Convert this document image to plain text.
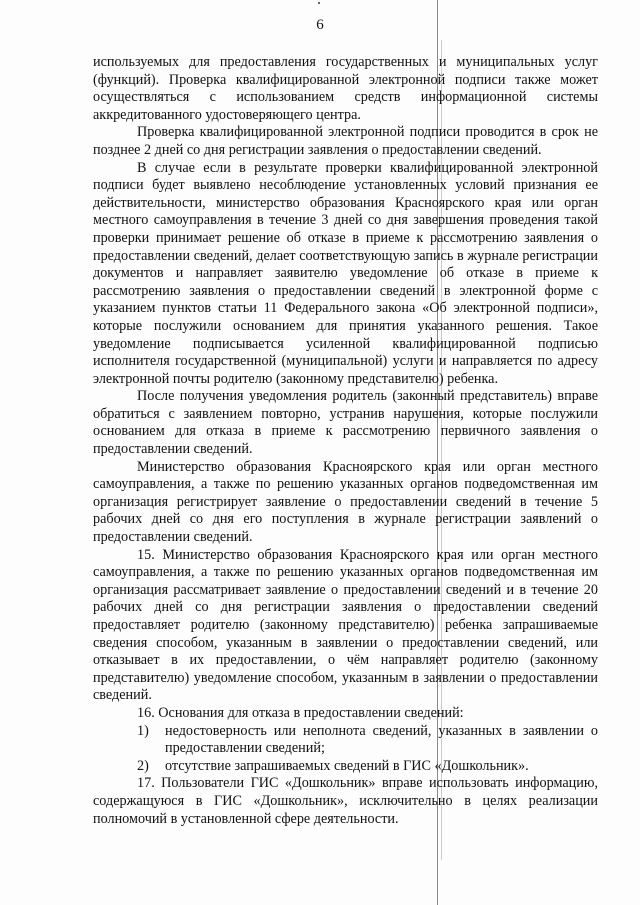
6

используемых для предоставления государственных и муниципальных услуг (функций). Проверка квалифицированной электронной подписи также может осуществляться с использованием средств информационной системы аккредитованного удостоверяющего центра.

Проверка квалифицированной электронной подписи проводится в срок не позднее 2 дней со дня регистрации заявления о предоставлении сведений.

В случае если в результате проверки квалифицированной электронной подписи будет выявлено несоблюдение установленных условий признания ее действительности, министерство образования Красноярского края или орган местного самоуправления в течение 3 дней со дня завершения проведения такой проверки принимает решение об отказе в приеме к рассмотрению заявления о предоставлении сведений, делает соответствующую запись в журнале регистрации документов и направляет заявителю уведомление об отказе в приеме к рассмотрению заявления о предоставлении сведений в электронной форме с указанием пунктов статьи 11 Федерального закона «Об электронной подписи», которые послужили основанием для принятия указанного решения. Такое уведомление подписывается усиленной квалифицированной подписью исполнителя государственной (муниципальной) услуги и направляется по адресу электронной почты родителю (законному представителю) ребенка.

После получения уведомления родитель (законный представитель) вправе обратиться с заявлением повторно, устранив нарушения, которые послужили основанием для отказа в приеме к рассмотрению первичного заявления о предоставлении сведений.

Министерство образования Красноярского края или орган местного самоуправления, а также по решению указанных органов подведомственная им организация регистрирует заявление о предоставлении сведений в течение 5 рабочих дней со дня его поступления в журнале регистрации заявлений о предоставлении сведений.

15. Министерство образования Красноярского края или орган местного самоуправления, а также по решению указанных органов подведомственная им организация рассматривает заявление о предоставлении сведений и в течение 20 рабочих дней со дня регистрации заявления о предоставлении сведений предоставляет родителю (законному представителю) ребенка запрашиваемые сведения способом, указанным в заявлении о предоставлении сведений, или отказывает в их предоставлении, о чём направляет родителю (законному представителю) уведомление способом, указанным в заявлении о предоставлении сведений.

16. Основания для отказа в предоставлении сведений:

1)	недостоверность или неполнота сведений, указанных в заявлении о предоставлении сведений;

2)	отсутствие запрашиваемых сведений в ГИС «Дошкольник».

17. Пользователи ГИС «Дошкольник» вправе использовать информацию, содержащуюся в ГИС «Дошкольник», исключительно в целях реализации полномочий в установленной сфере деятельности.
